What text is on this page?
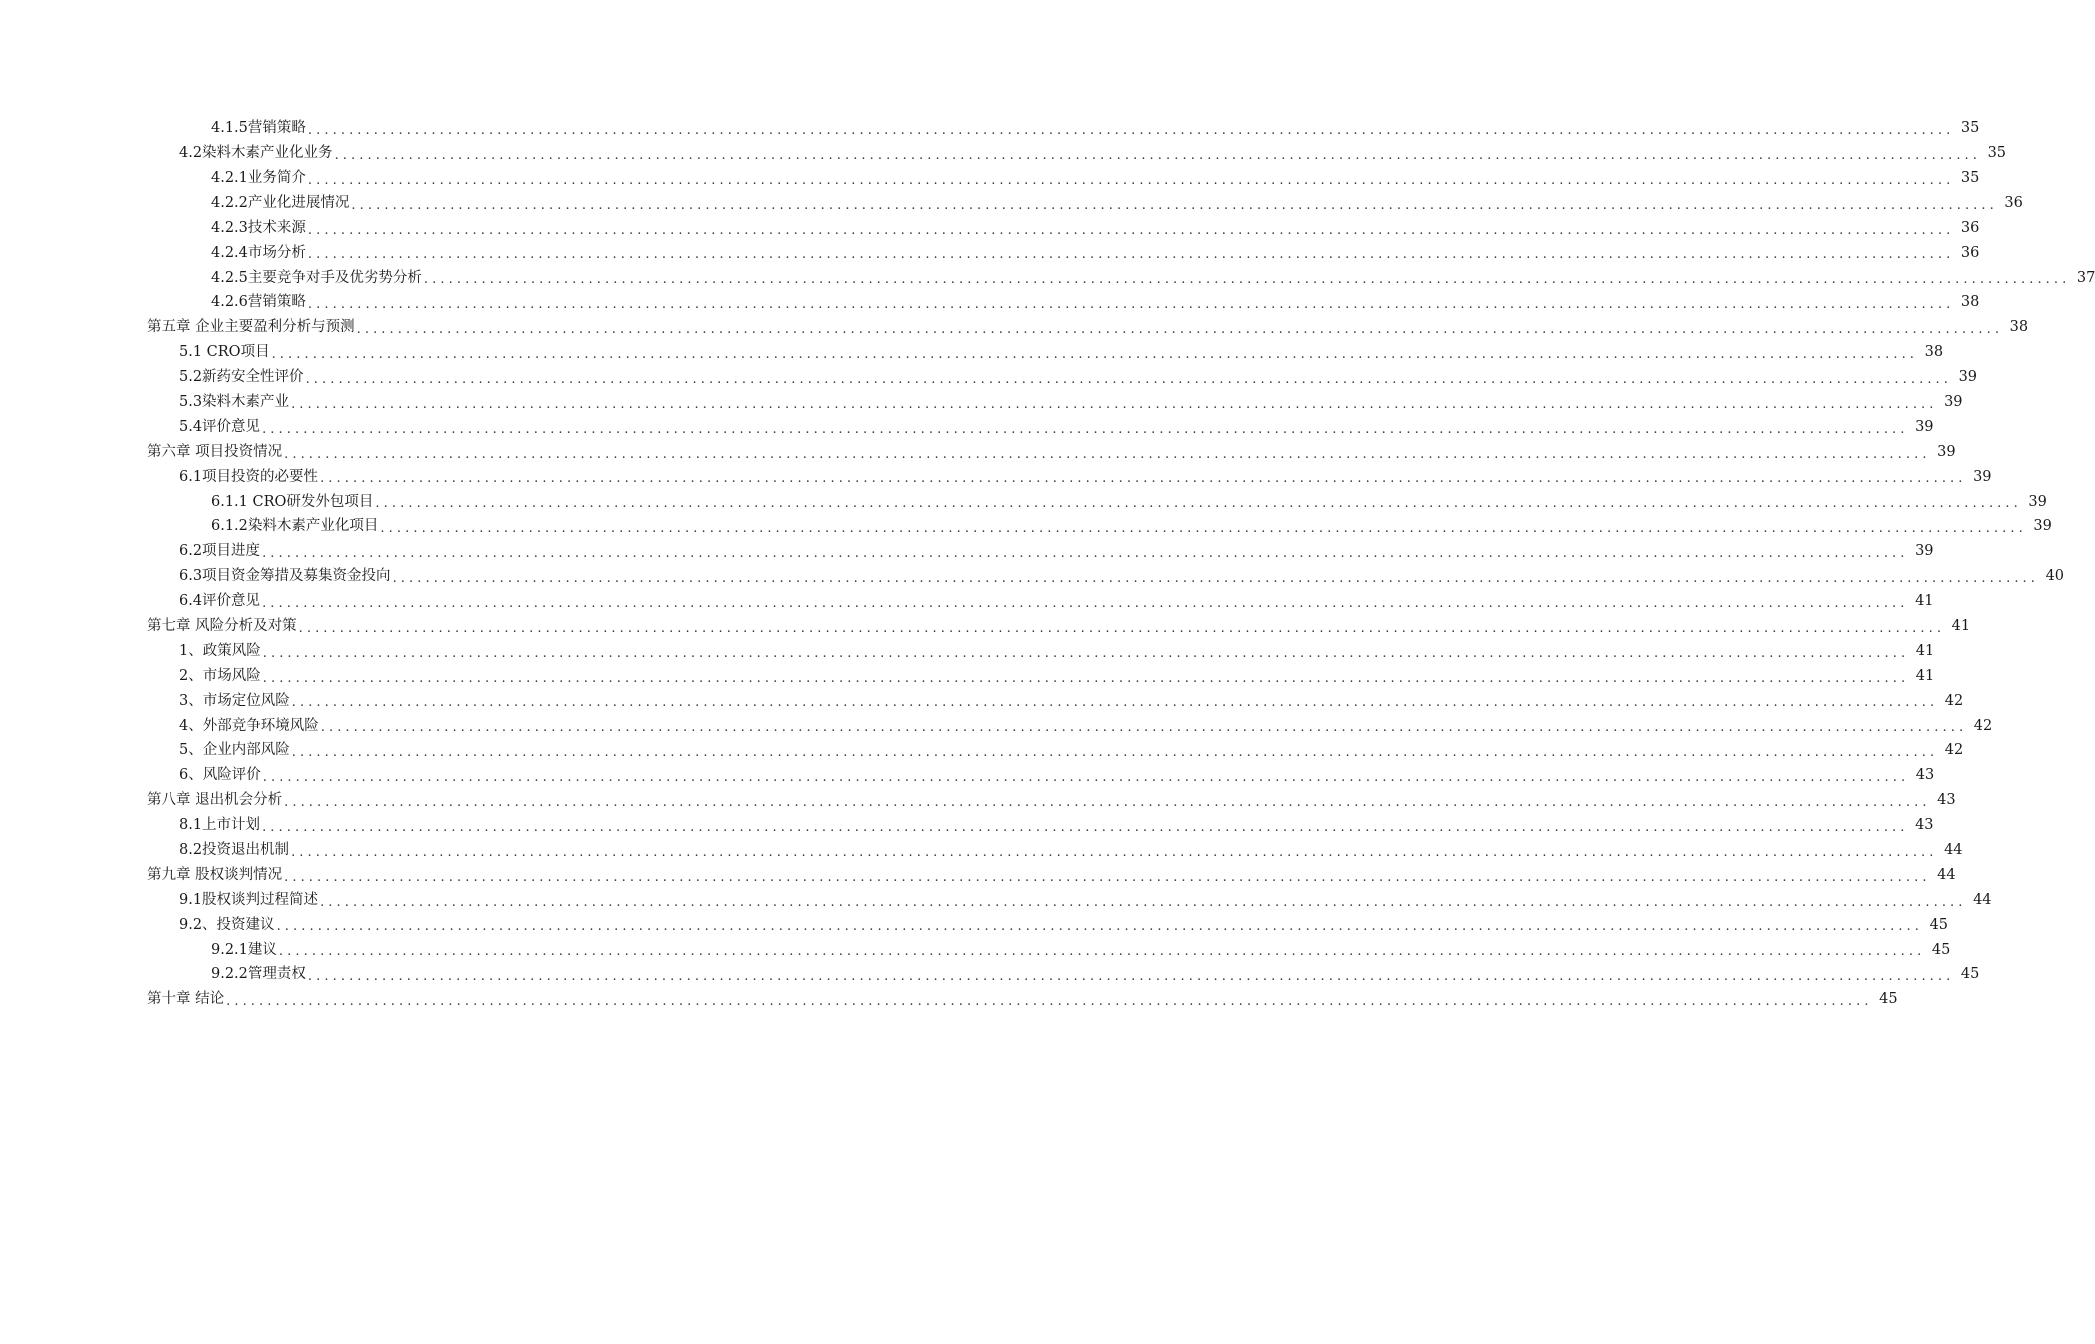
4.1.5营销策略 ........................................................................................................................................................................................................ 35
4.2染料木素产业化业务 ........................................................................................................................................................................................................ 35
4.2.1业务简介 ........................................................................................................................................................................................................ 35
4.2.2产业化进展情况 ........................................................................................................................................................................................................ 36
4.2.3技术来源 ........................................................................................................................................................................................................ 36
4.2.4市场分析 ........................................................................................................................................................................................................ 36
4.2.5主要竞争对手及优劣势分析 ........................................................................................................................................................................................................ 37
4.2.6营销策略 ........................................................................................................................................................................................................ 38
第五章 企业主要盈利分析与预测 ........................................................................................................................................................................................................ 38
5.1 CRO项目 ........................................................................................................................................................................................................ 38
5.2新药安全性评价 ........................................................................................................................................................................................................ 39
5.3染料木素产业 ........................................................................................................................................................................................................ 39
5.4评价意见 ........................................................................................................................................................................................................ 39
第六章 项目投资情况 ........................................................................................................................................................................................................ 39
6.1项目投资的必要性 ........................................................................................................................................................................................................ 39
6.1.1 CRO研发外包项目 ........................................................................................................................................................................................................ 39
6.1.2染料木素产业化项目 ........................................................................................................................................................................................................ 39
6.2项目进度 ........................................................................................................................................................................................................ 39
6.3项目资金筹措及募集资金投向 ........................................................................................................................................................................................................ 40
6.4评价意见 ........................................................................................................................................................................................................ 41
第七章 风险分析及对策 ........................................................................................................................................................................................................ 41
1、政策风险 ........................................................................................................................................................................................................ 41
2、市场风险 ........................................................................................................................................................................................................ 41
3、市场定位风险 ........................................................................................................................................................................................................ 42
4、外部竞争环境风险 ........................................................................................................................................................................................................ 42
5、企业内部风险 ........................................................................................................................................................................................................ 42
6、风险评价 ........................................................................................................................................................................................................ 43
第八章 退出机会分析 ........................................................................................................................................................................................................ 43
8.1上市计划 ........................................................................................................................................................................................................ 43
8.2投资退出机制 ........................................................................................................................................................................................................ 44
第九章 股权谈判情况 ........................................................................................................................................................................................................ 44
9.1股权谈判过程简述 ........................................................................................................................................................................................................ 44
9.2、投资建议 ........................................................................................................................................................................................................ 45
9.2.1建议 ........................................................................................................................................................................................................ 45
9.2.2管理责权 ........................................................................................................................................................................................................ 45
第十章 结论 ........................................................................................................................................................................................................ 45
